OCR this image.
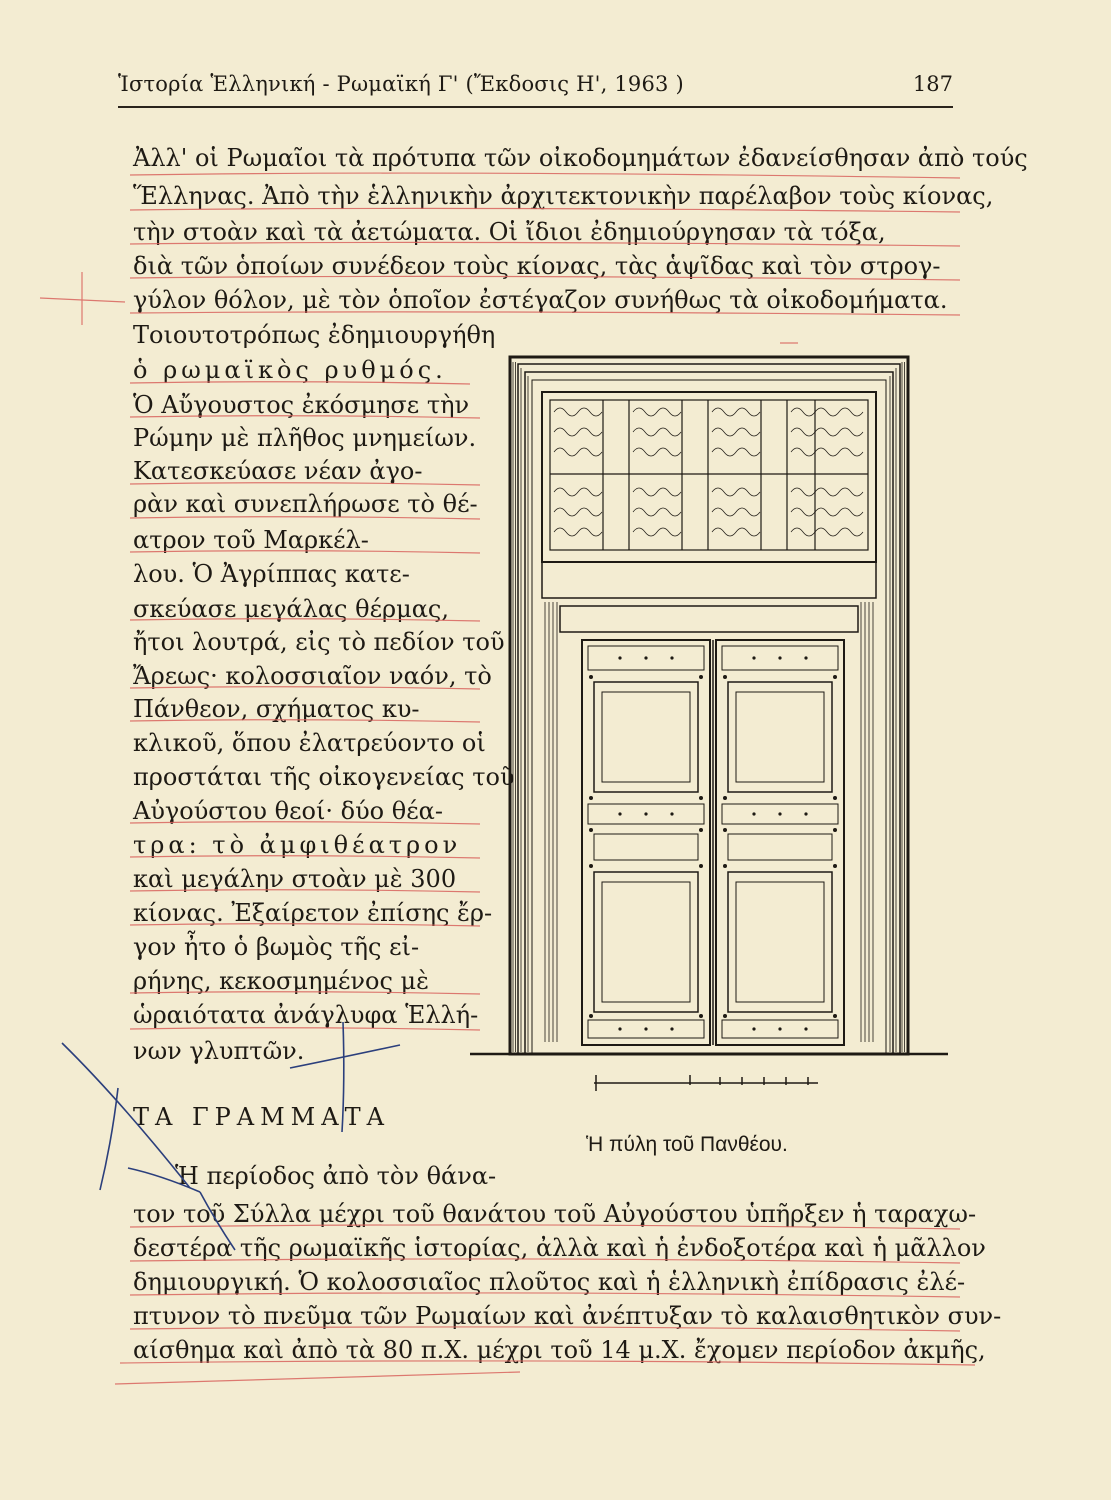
Ἱστορία Ἑλληνική - Ρωμαϊκή Γ' (Ἔκδοσις Η', 1963 )	187
Ἀλλ' οἱ Ρωμαῖοι τὰ πρότυπα τῶν οἰκοδομημάτων ἐδανείσθησαν ἀπὸ τούς
Ἕλληνας. Ἀπὸ τὴν ἑλληνικὴν ἀρχιτεκτονικὴν παρέλαβον τοὺς κίονας,
τὴν στοὰν καὶ τὰ ἀετώματα. Οἱ ἴδιοι ἐδημιούργησαν τὰ τόξα,
διὰ τῶν ὁποίων συνέδεον τοὺς κίονας, τὰς ἁψῖδας καὶ τὸν στρογ-
γύλον θόλον, μὲ τὸν ὁποῖον ἐστέγαζον συνήθως τὰ οἰκοδομήματα.
Τοιουτοτρόπως ἐδημιουργήθη
ὁ ρωμαϊκὸς ρυθμός.
Ὁ Αὔγουστος ἐκόσμησε τὴν
Ρώμην μὲ πλῆθος μνημείων.
Κατεσκεύασε νέαν ἀγο-
ρὰν καὶ συνεπλήρωσε τὸ θέ-
ατρον τοῦ Μαρκέλ-
λου. Ὁ Ἀγρίππας κατε-
σκεύασε μεγάλας θέρμας,
ἤτοι λουτρά, εἰς τὸ πεδίον τοῦ
Ἄρεως· κολοσσιαῖον ναόν, τὸ
Πάνθεον, σχήματος κυ-
κλικοῦ, ὅπου ἐλατρεύοντο οἱ
προστάται τῆς οἰκογενείας τοῦ
Αὐγούστου θεοί· δύο θέα-
τρα: τὸ ἀμφιθέατρον
καὶ μεγάλην στοὰν μὲ 300
κίονας. Ἐξαίρετον ἐπίσης ἔρ-
γον ἦτο ὁ βωμὸς τῆς εἰ-
ρήνης, κεκοσμημένος μὲ
ὡραιότατα ἀνάγλυφα Ἑλλή-
νων γλυπτῶν.
Ἡ πύλη τοῦ Πανθέου.
ΤΑ ΓΡΑΜΜΑΤΑ
Ἡ περίοδος ἀπὸ τὸν θάνα-
τον τοῦ Σύλλα μέχρι τοῦ θανάτου τοῦ Αὐγούστου ὑπῆρξεν ἡ ταραχω-
δεστέρα τῆς ρωμαϊκῆς ἱστορίας, ἀλλὰ καὶ ἡ ἐνδοξοτέρα καὶ ἡ μᾶλλον
δημιουργική. Ὁ κολοσσιαῖος πλοῦτος καὶ ἡ ἑλληνικὴ ἐπίδρασις ἐλέ-
πτυνον τὸ πνεῦμα τῶν Ρωμαίων καὶ ἀνέπτυξαν τὸ καλαισθητικὸν συν-
αίσθημα καὶ ἀπὸ τὰ 80 π.Χ. μέχρι τοῦ 14 μ.Χ. ἔχομεν περίοδον ἀκμῆς,
